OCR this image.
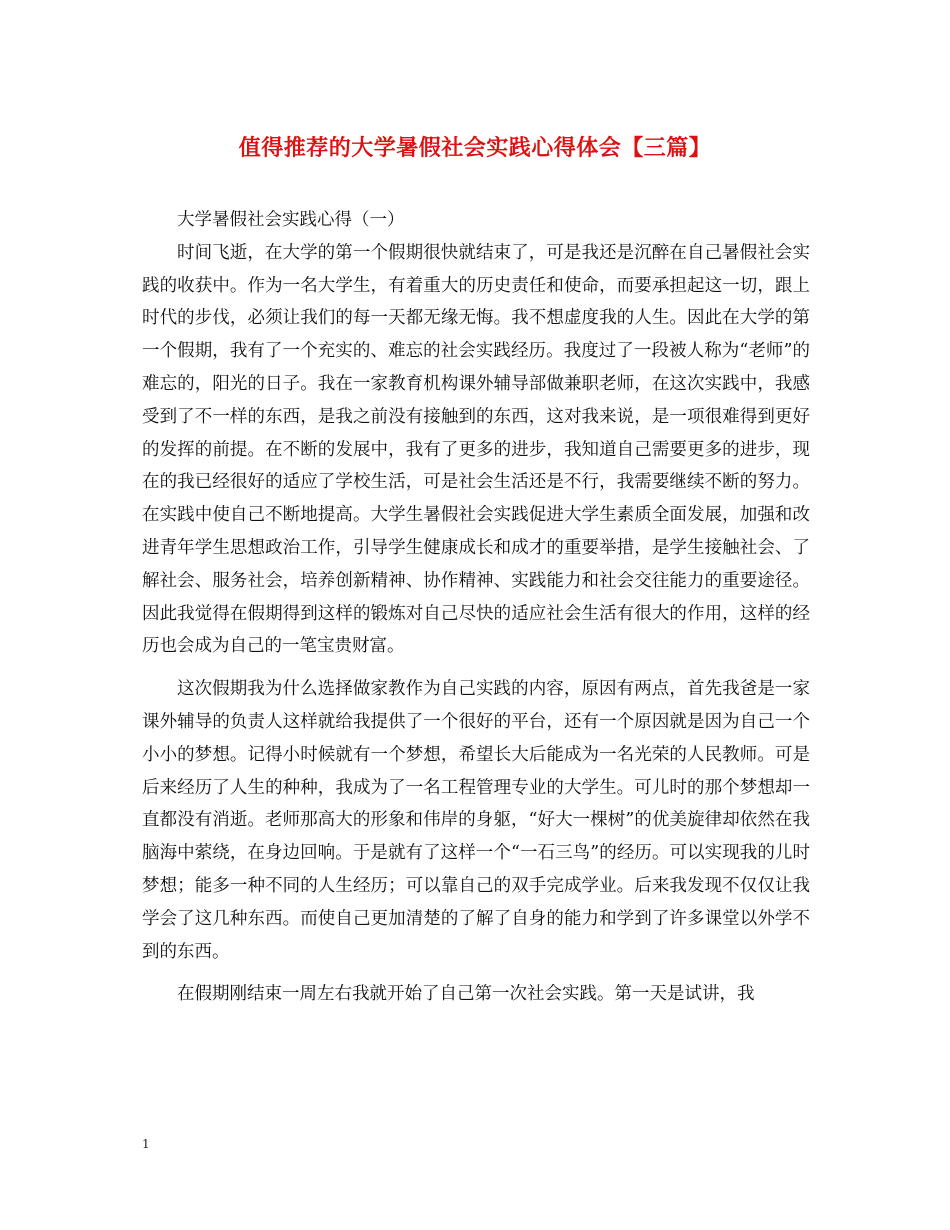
值得推荐的大学暑假社会实践心得体会【三篇】

大学暑假社会实践心得（一）

时间飞逝，在大学的第一个假期很快就结束了，可是我还是沉醉在自己暑假社会实践的收获中。作为一名大学生，有着重大的历史责任和使命，而要承担起这一切，跟上时代的步伐，必须让我们的每一天都无缘无悔。我不想虚度我的人生。因此在大学的第一个假期，我有了一个充实的、难忘的社会实践经历。我度过了一段被人称为“老师”的难忘的，阳光的日子。我在一家教育机构课外辅导部做兼职老师，在这次实践中，我感受到了不一样的东西，是我之前没有接触到的东西，这对我来说，是一项很难得到更好的发挥的前提。在不断的发展中，我有了更多的进步，我知道自己需要更多的进步，现在的我已经很好的适应了学校生活，可是社会生活还是不行，我需要继续不断的努力。在实践中使自己不断地提高。大学生暑假社会实践促进大学生素质全面发展，加强和改进青年学生思想政治工作，引导学生健康成长和成才的重要举措，是学生接触社会、了解社会、服务社会，培养创新精神、协作精神、实践能力和社会交往能力的重要途径。因此我觉得在假期得到这样的锻炼对自己尽快的适应社会生活有很大的作用，这样的经历也会成为自己的一笔宝贵财富。

这次假期我为什么选择做家教作为自己实践的内容，原因有两点，首先我爸是一家课外辅导的负责人这样就给我提供了一个很好的平台，还有一个原因就是因为自己一个小小的梦想。记得小时候就有一个梦想，希望长大后能成为一名光荣的人民教师。可是后来经历了人生的种种，我成为了一名工程管理专业的大学生。可儿时的那个梦想却一直都没有消逝。老师那高大的形象和伟岸的身躯，“好大一棵树”的优美旋律却依然在我脑海中萦绕，在身边回响。于是就有了这样一个“一石三鸟”的经历。可以实现我的儿时梦想；能多一种不同的人生经历；可以靠自己的双手完成学业。后来我发现不仅仅让我学会了这几种东西。而使自己更加清楚的了解了自身的能力和学到了许多课堂以外学不到的东西。

在假期刚结束一周左右我就开始了自己第一次社会实践。第一天是试讲，我

1
